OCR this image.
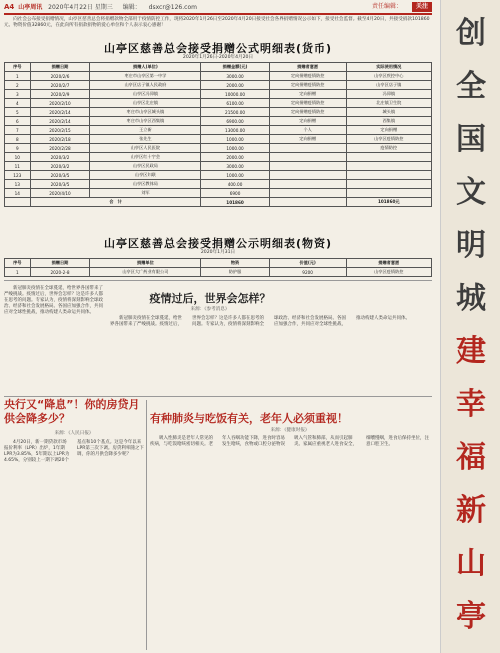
A4 山亭周讯 2020年4月22日 星期三 编辑： dsxcr@126.com	责任编辑：	关注
向社会公布接受捐赠情况，山亭区慈善总会将捐赠款物全部用于疫情防控工作，现将2020年1月26日至2020年4月20日接受社会各界捐赠情况公示如下，接受社会监督。截至4月20日，共接受捐款101860元、物资价值32860元，在此向所有捐款捐物的爱心单位和个人表示衷心感谢！
山亭区慈善总会接受捐赠公式明细表(货币)
2020年1月26日-2020年4月20日
序号	捐赠日期	捐赠人(单位)	捐赠金额(元)	捐赠者意愿	实际使用情况
1	2020/2/6	枣庄市山亭区第一中学	3000.00	定向捐赠疫情防控	山亭区疾控中心
2	2020/2/7	山亭区店子镇人民政府	2000.00	定向捐赠疫情防控	山亭区店子镇
3	2020/2/9	山亭区冯卯镇	10000.00	定向捐赠	冯卯镇
4	2020/2/10	山亭区北庄镇	6100.00	定向捐赠疫情防控	北庄镇卫生院
5	2020/2/14	枣庄市山亭区城头镇	21500.00	定向捐赠疫情防控	城头镇
6	2020/2/14	枣庄市山亭区西集镇	6900.00	定向捐赠	西集镇
7	2020/2/15	王立新	13000.00	个人	定向捐赠
8	2020/2/18	张先生	1000.00	定向捐赠	山亭区疫情防控
9	2020/2/28	山亭区人民医院	1000.00		疫情防控
10	2020/3/2	山亭区红十字会	2000.00		
11	2020/3/2	山亭区民政局	3000.00		
123	2020/3/5	山亭区妇联	1000.00		
13	2020/3/5	山亭区教体局	400.00		
14	2020/4/10	刘军	6900		
	合　计		101860		101860元
山亭区慈善总会接受捐赠公示明细表(物资)
2020年1月31日
序号	捐赠日期	捐赠单位	物资	价值(元)	捐赠者意愿
1	2020-2-8	山亭区大广药业有限公司	防护服	9200	山亭区疫情防控

新冠肺炎疫情在全球蔓延，给世界各国带来了严峻挑战。疫情过后，世界会怎样？这是许多人都在思考的问题。专家认为，疫情将深刻影响全球政治、经济和社会发展格局。各国应加强合作，共同应对全球性挑战，推动构建人类命运共同体。

疫情过后，世界会怎样？
来源：《参考消息》

新冠肺炎疫情在全球蔓延，给世界各国带来了严峻挑战。疫情过后，世界会怎样？这是许多人都在思考的问题。专家认为，疫情将深刻影响全球政治、经济和社会发展格局。各国应加强合作，共同应对全球性挑战，推动构建人类命运共同体。

央行又“降息”！你的房贷月供会降多少？
来源：《人民日报》

4月20日，新一期贷款市场报价利率（LPR）出炉，1年期LPR为3.85%，5年期以上LPR为4.65%，分别较上一期下调20个基点和10个基点。这是今年以来LPR第三次下调。房贷利率随之下调，你的月供会降多少呢？

有种肺炎与吃饭有关，老年人必须重视！
来源：《健康时报》

吸入性肺炎是老年人常见的疾病，与吃饭呛咳密切相关。老年人吞咽功能下降，进食时容易发生呛咳，食物或口腔分泌物误吸入气管和肺部，从而引起肺炎。家属应重视老人进食安全，细嚼慢咽，进食后保持坐位，注意口腔卫生。

创
全
国
文
明
城
建
幸
福
新
山
亭
